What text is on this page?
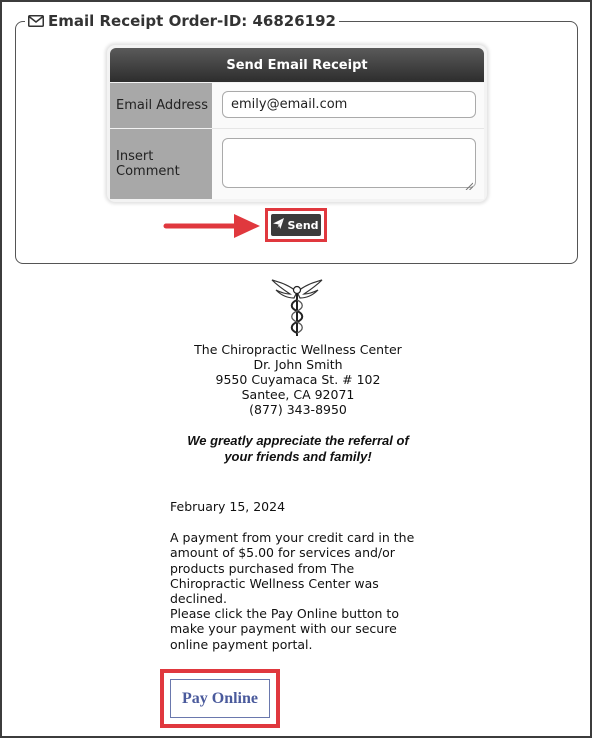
Email Receipt Order-ID: 46826192
Send Email Receipt
Email Address	emily@email.com
Insert Comment
Send
The Chiropractic Wellness Center
Dr. John Smith
9550 Cuyamaca St. # 102
Santee, CA 92071
(877) 343-8950
We greatly appreciate the referral of
your friends and family!

February 15, 2024

A payment from your credit card in the amount of $5.00 for services and/or products purchased from The Chiropractic Wellness Center was declined.

Please click the Pay Online button to make your payment with our secure online payment portal.

Pay Online
